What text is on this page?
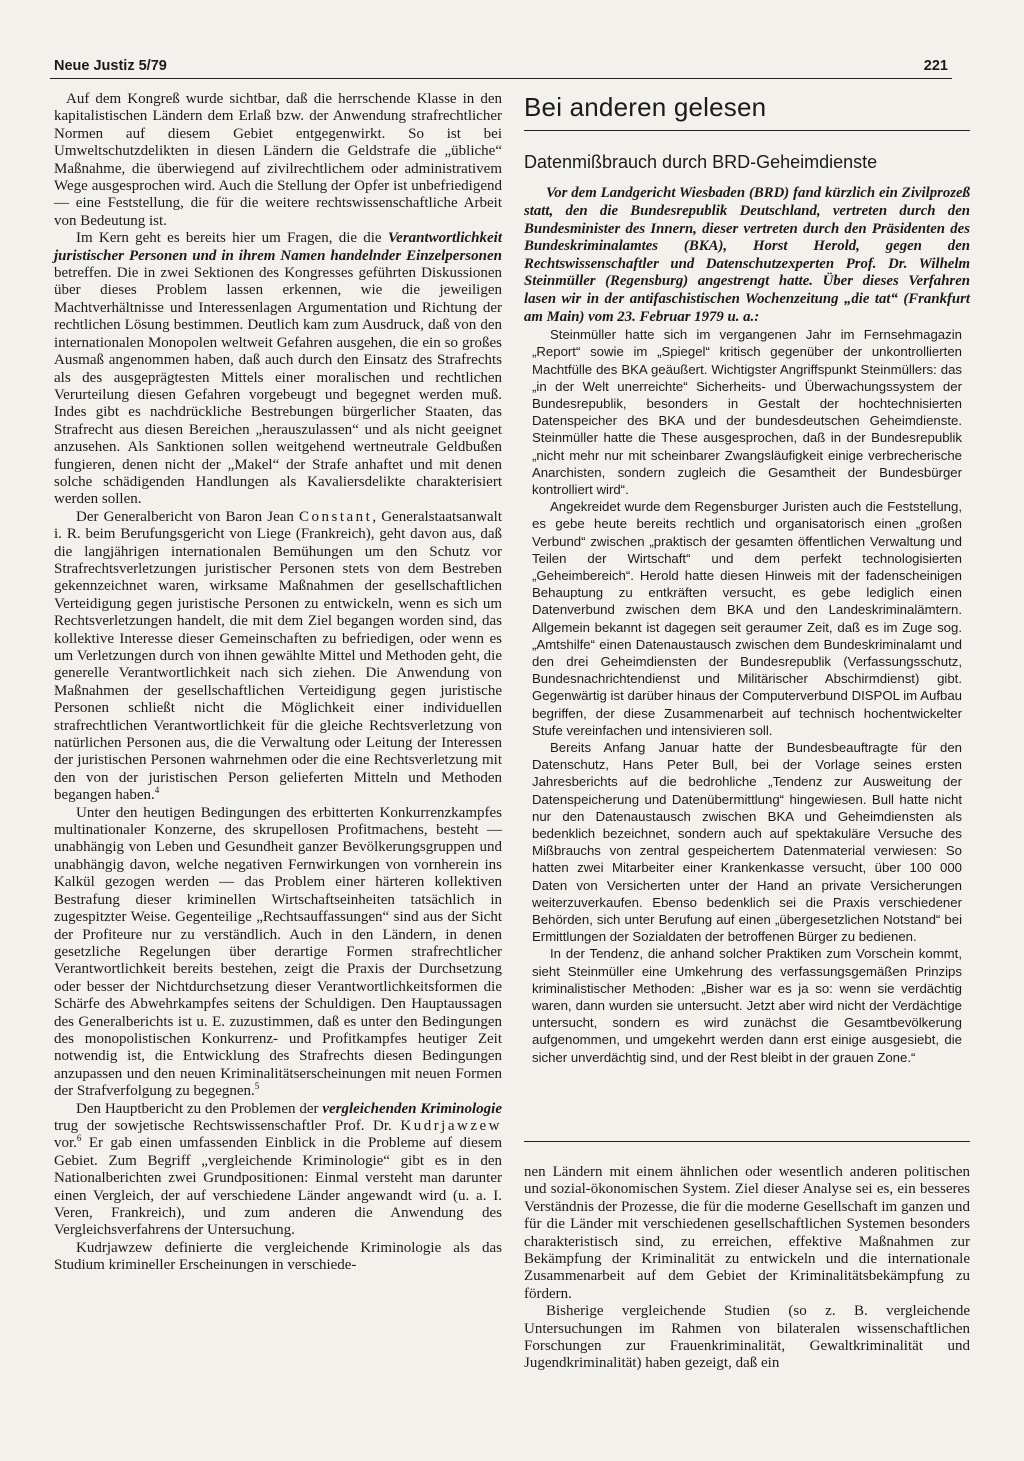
Neue Justiz 5/79	221

Auf dem Kongreß wurde sichtbar, daß die herrschende Klasse in den kapitalistischen Ländern dem Erlaß bzw. der Anwendung strafrechtlicher Normen auf diesem Gebiet entgegenwirkt. So ist bei Umweltschutzdelikten in diesen Ländern die Geldstrafe die „übliche“ Maßnahme, die überwiegend auf zivilrechtlichem oder administrativem Wege ausgesprochen wird. Auch die Stellung der Opfer ist unbefriedigend — eine Feststellung, die für die weitere rechtswissenschaftliche Arbeit von Bedeutung ist.

Im Kern geht es bereits hier um Fragen, die die Verantwortlichkeit juristischer Personen und in ihrem Namen handelnder Einzelpersonen betreffen. Die in zwei Sektionen des Kongresses geführten Diskussionen über dieses Problem lassen erkennen, wie die jeweiligen Machtverhältnisse und Interessenlagen Argumentation und Richtung der rechtlichen Lösung bestimmen. Deutlich kam zum Ausdruck, daß von den internationalen Monopolen weltweit Gefahren ausgehen, die ein so großes Ausmaß angenommen haben, daß auch durch den Einsatz des Strafrechts als des ausgeprägtesten Mittels einer moralischen und rechtlichen Verurteilung diesen Gefahren vorgebeugt und begegnet werden muß. Indes gibt es nachdrückliche Bestrebungen bürgerlicher Staaten, das Strafrecht aus diesen Bereichen „herauszulassen“ und als nicht geeignet anzusehen. Als Sanktionen sollen weitgehend wertneutrale Geldbußen fungieren, denen nicht der „Makel“ der Strafe anhaftet und mit denen solche schädigenden Handlungen als Kavaliersdelikte charakterisiert werden sollen.

Der Generalbericht von Baron Jean Constant, Generalstaatsanwalt i. R. beim Berufungsgericht von Liege (Frankreich), geht davon aus, daß die langjährigen internationalen Bemühungen um den Schutz vor Strafrechtsverletzungen juristischer Personen stets von dem Bestreben gekennzeichnet waren, wirksame Maßnahmen der gesellschaftlichen Verteidigung gegen juristische Personen zu entwickeln, wenn es sich um Rechtsverletzungen handelt, die mit dem Ziel begangen worden sind, das kollektive Interesse dieser Gemeinschaften zu befriedigen, oder wenn es um Verletzungen durch von ihnen gewählte Mittel und Methoden geht, die generelle Verantwortlichkeit nach sich ziehen. Die Anwendung von Maßnahmen der gesellschaftlichen Verteidigung gegen juristische Personen schließt nicht die Möglichkeit einer individuellen strafrechtlichen Verantwortlichkeit für die gleiche Rechtsverletzung von natürlichen Personen aus, die die Verwaltung oder Leitung der Interessen der juristischen Personen wahrnehmen oder die eine Rechtsverletzung mit den von der juristischen Person gelieferten Mitteln und Methoden begangen haben.$^4$

Unter den heutigen Bedingungen des erbitterten Konkurrenzkampfes multinationaler Konzerne, des skrupellosen Profitmachens, besteht — unabhängig von Leben und Gesundheit ganzer Bevölkerungsgruppen und unabhängig davon, welche negativen Fernwirkungen von vornherein ins Kalkül gezogen werden — das Problem einer härteren kollektiven Bestrafung dieser kriminellen Wirtschaftseinheiten tatsächlich in zugespitzter Weise. Gegenteilige „Rechtsauffassungen“ sind aus der Sicht der Profiteure nur zu verständlich. Auch in den Ländern, in denen gesetzliche Regelungen über derartige Formen strafrechtlicher Verantwortlichkeit bereits bestehen, zeigt die Praxis der Durchsetzung oder besser der Nichtdurchsetzung dieser Verantwortlichkeitsformen die Schärfe des Abwehrkampfes seitens der Schuldigen. Den Hauptaussagen des Generalberichts ist u. E. zuzustimmen, daß es unter den Bedingungen des monopolistischen Konkurrenz- und Profitkampfes heutiger Zeit notwendig ist, die Entwicklung des Strafrechts diesen Bedingungen anzupassen und den neuen Kriminalitätserscheinungen mit neuen Formen der Strafverfolgung zu begegnen.$^5$

Den Hauptbericht zu den Problemen der vergleichenden Kriminologie trug der sowjetische Rechtswissenschaftler Prof. Dr. Kudrjawzew vor.$^6$ Er gab einen umfassenden Einblick in die Probleme auf diesem Gebiet. Zum Begriff „vergleichende Kriminologie“ gibt es in den Nationalberichten zwei Grundpositionen: Einmal versteht man darunter einen Vergleich, der auf verschiedene Länder angewandt wird (u. a. I. Veren, Frankreich), und zum anderen die Anwendung des Vergleichsverfahrens der Untersuchung.

Kudrjawzew definierte die vergleichende Kriminologie als das Studium krimineller Erscheinungen in verschiede-

Bei anderen gelesen
Datenmißbrauch durch BRD-Geheimdienste

Vor dem Landgericht Wiesbaden (BRD) fand kürzlich ein Zivilprozeß statt, den die Bundesrepublik Deutschland, vertreten durch den Bundesminister des Innern, dieser vertreten durch den Präsidenten des Bundeskriminalamtes (BKA), Horst Herold, gegen den Rechtswissenschaftler und Datenschutzexperten Prof. Dr. Wilhelm Steinmüller (Regensburg) angestrengt hatte. Über dieses Verfahren lasen wir in der antifaschistischen Wochenzeitung „die tat“ (Frankfurt am Main) vom 23. Februar 1979 u. a.:

Steinmüller hatte sich im vergangenen Jahr im Fernsehmagazin „Report“ sowie im „Spiegel“ kritisch gegenüber der unkontrollierten Machtfülle des BKA geäußert. Wichtigster Angriffspunkt Steinmüllers: das „in der Welt unerreichte“ Sicherheits- und Überwachungssystem der Bundesrepublik, besonders in Gestalt der hochtechnisierten Datenspeicher des BKA und der bundesdeutschen Geheimdienste. Steinmüller hatte die These ausgesprochen, daß in der Bundesrepublik „nicht mehr nur mit scheinbarer Zwangsläufigkeit einige verbrecherische Anarchisten, sondern zugleich die Gesamtheit der Bundesbürger kontrolliert wird“.

Angekreidet wurde dem Regensburger Juristen auch die Feststellung, es gebe heute bereits rechtlich und organisatorisch einen „großen Verbund“ zwischen „praktisch der gesamten öffentlichen Verwaltung und Teilen der Wirtschaft“ und dem perfekt technologisierten „Geheimbereich“. Herold hatte diesen Hinweis mit der fadenscheinigen Behauptung zu entkräften versucht, es gebe lediglich einen Datenverbund zwischen dem BKA und den Landeskriminalämtern. Allgemein bekannt ist dagegen seit geraumer Zeit, daß es im Zuge sog. „Amtshilfe“ einen Datenaustausch zwischen dem Bundeskriminalamt und den drei Geheimdiensten der Bundesrepublik (Verfassungsschutz, Bundesnachrichtendienst und Militärischer Abschirmdienst) gibt. Gegenwärtig ist darüber hinaus der Computerverbund DISPOL im Aufbau begriffen, der diese Zusammenarbeit auf technisch hochentwickelter Stufe vereinfachen und intensivieren soll.

Bereits Anfang Januar hatte der Bundesbeauftragte für den Datenschutz, Hans Peter Bull, bei der Vorlage seines ersten Jahresberichts auf die bedrohliche „Tendenz zur Ausweitung der Datenspeicherung und Datenübermittlung“ hingewiesen. Bull hatte nicht nur den Datenaustausch zwischen BKA und Geheimdiensten als bedenklich bezeichnet, sondern auch auf spektakuläre Versuche des Mißbrauchs von zentral gespeichertem Datenmaterial verwiesen: So hatten zwei Mitarbeiter einer Krankenkasse versucht, über 100 000 Daten von Versicherten unter der Hand an private Versicherungen weiterzuverkaufen. Ebenso bedenklich sei die Praxis verschiedener Behörden, sich unter Berufung auf einen „übergesetzlichen Notstand“ bei Ermittlungen der Sozialdaten der betroffenen Bürger zu bedienen.

In der Tendenz, die anhand solcher Praktiken zum Vorschein kommt, sieht Steinmüller eine Umkehrung des verfassungsgemäßen Prinzips kriminalistischer Methoden: „Bisher war es ja so: wenn sie verdächtig waren, dann wurden sie untersucht. Jetzt aber wird nicht der Verdächtige untersucht, sondern es wird zunächst die Gesamtbevölkerung aufgenommen, und umgekehrt werden dann erst einige ausgesiebt, die sicher unverdächtig sind, und der Rest bleibt in der grauen Zone.“

nen Ländern mit einem ähnlichen oder wesentlich anderen politischen und sozial-ökonomischen System. Ziel dieser Analyse sei es, ein besseres Verständnis der Prozesse, die für die moderne Gesellschaft im ganzen und für die Länder mit verschiedenen gesellschaftlichen Systemen besonders charakteristisch sind, zu erreichen, effektive Maßnahmen zur Bekämpfung der Kriminalität zu entwickeln und die internationale Zusammenarbeit auf dem Gebiet der Kriminalitätsbekämpfung zu fördern.

Bisherige vergleichende Studien (so z. B. vergleichende Untersuchungen im Rahmen von bilateralen wissenschaftlichen Forschungen zur Frauenkriminalität, Gewaltkriminalität und Jugendkriminalität) haben gezeigt, daß ein
